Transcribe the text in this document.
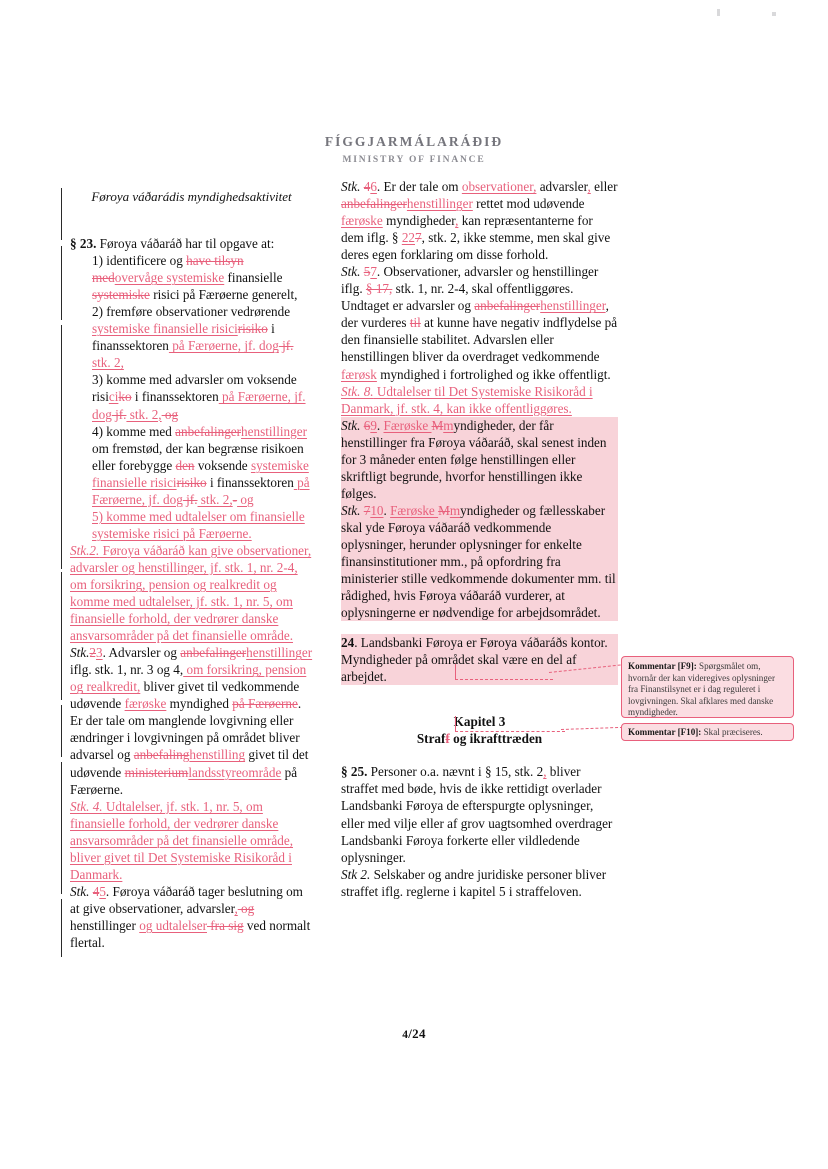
FÍGGJARMÁLARÁÐIÐ
MINISTRY OF FINANCE

Føroya váðarádis myndighedsaktivitet

§ 23. Føroya váðaráð har til opgave at:

1) identificere og have tilsyn medovervåge systemiske finansielle systemiske risici på Færøerne generelt,

2) fremføre observationer vedrørende systemiske finansielle risicirisiko i finanssektoren på Færøerne, jf. dog jf. stk. 2,

3) komme med advarsler om voksende risiciko i finanssektoren på Færøerne, jf. dog jf. stk. 2, og

4) komme med anbefalingerhenstillinger om fremstød, der kan begrænse risikoen eller forebygge den voksende systemiske finansielle risicirisiko i finanssektoren på Færøerne, jf. dog jf. stk. 2,- og

5) komme med udtalelser om finansielle systemiske risici på Færøerne.

Stk.2. Føroya váðaráð kan give observationer, advarsler og henstillinger, jf. stk. 1, nr. 2-4, om forsikring, pension og realkredit og komme med udtalelser, jf. stk. 1, nr. 5, om finansielle forhold, der vedrører danske ansvarsområder på det finansielle område.

Stk.23. Advarsler og anbefalingerhenstillinger iflg. stk. 1, nr. 3 og 4, om forsikring, pension og realkredit, bliver givet til vedkommende udøvende færøske myndighed på Færøerne. Er der tale om manglende lovgivning eller ændringer i lovgivningen på området bliver advarsel og anbefalinghenstilling givet til det udøvende ministeriumlandsstyreområde på Færøerne.

Stk. 4. Udtalelser, jf. stk. 1, nr. 5, om finansielle forhold, der vedrører danske ansvarsområder på det finansielle område, bliver givet til Det Systemiske Risikoråd i Danmark.

Stk. 45. Føroya váðaráð tager beslutning om at give observationer, advarsler, og henstillinger og udtalelser fra sig ved normalt flertal.

Stk. 46. Er der tale om observationer, advarsler, eller anbefalingerhenstillinger rettet mod udøvende færøske myndigheder, kan repræsentanterne for dem iflg. § 227, stk. 2, ikke stemme, men skal give deres egen forklaring om disse forhold.

Stk. 57. Observationer, advarsler og henstillinger iflg. § 17, stk. 1, nr. 2-4, skal offentliggøres. Undtaget er advarsler og anbefalingerhenstillinger, der vurderes til at kunne have negativ indflydelse på den finansielle stabilitet. Advarslen eller henstillingen bliver da overdraget vedkommende færøsk myndighed i fortrolighed og ikke offentligt.

Stk. 8. Udtalelser til Det Systemiske Risikoråd i Danmark, jf. stk. 4, kan ikke offentliggøres.

Stk. 69. Færøske Mmyndigheder, der får henstillinger fra Føroya váðaráð, skal senest inden for 3 måneder enten følge henstillingen eller skriftligt begrunde, hvorfor henstillingen ikke følges.

Stk. 710. Færøske Mmyndigheder og fællesskaber skal yde Føroya váðaráð vedkommende oplysninger, herunder oplysninger for enkelte finansinstitutioner mm., på opfordring fra ministerier stille vedkommende dokumenter mm. til rådighed, hvis Føroya váðaráð vurderer, at oplysningerne er nødvendige for arbejdsområdet.

24. Landsbanki Føroya er Føroya váðaráðs kontor. Myndigheder på området skal være en del af arbejdet.

Kapitel 3
Straff og ikrafttræden

§ 25. Personer o.a. nævnt i § 15, stk. 2, bliver straffet med bøde, hvis de ikke rettidigt overlader Landsbanki Føroya de efterspurgte oplysninger, eller med vilje eller af grov uagtsomhed overdrager Landsbanki Føroya forkerte eller vildledende oplysninger.

Stk 2. Selskaber og andre juridiske personer bliver straffet iflg. reglerne i kapitel 5 i straffeloven.

Kommentar [F9]: Spørgsmålet om, hvornår der kan videregives oplysninger fra Finanstilsynet er i dag reguleret i lovgivningen. Skal afklares med danske myndigheder.
Kommentar [F10]: Skal præciseres.
4/24
